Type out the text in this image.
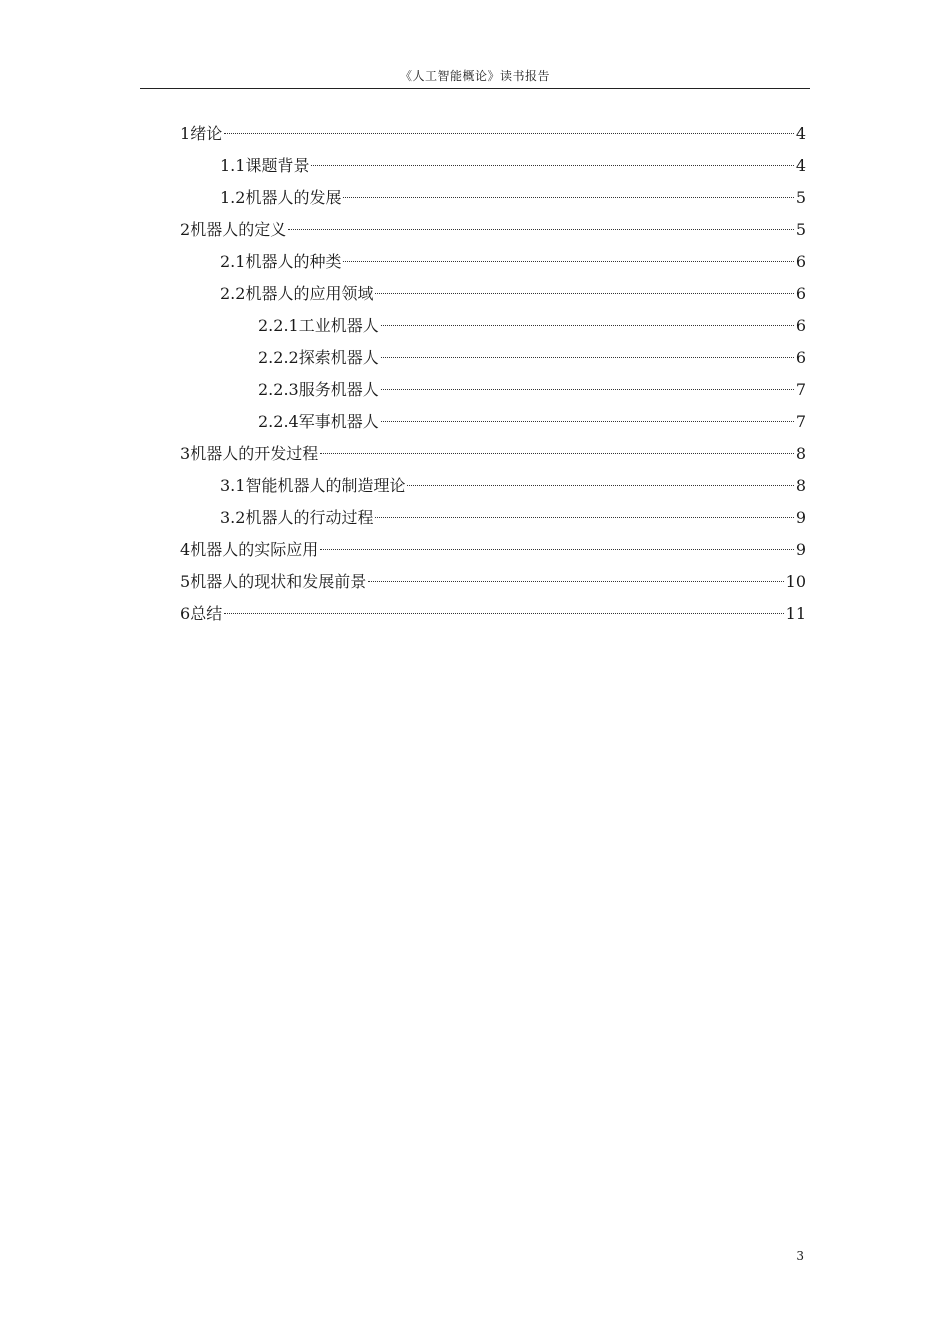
《人工智能概论》读书报告
1 绪论	4
1.1 课题背景	4
1.2 机器人的发展	5
2 机器人的定义	5
2.1 机器人的种类	6
2.2 机器人的应用领域	6
2.2.1 工业机器人	6
2.2.2 探索机器人	6
2.2.3 服务机器人	7
2.2.4 军事机器人	7
3 机器人的开发过程	8
3.1 智能机器人的制造理论	8
3.2 机器人的行动过程	9
4 机器人的实际应用	9
5 机器人的现状和发展前景	10
6 总结	11
3
